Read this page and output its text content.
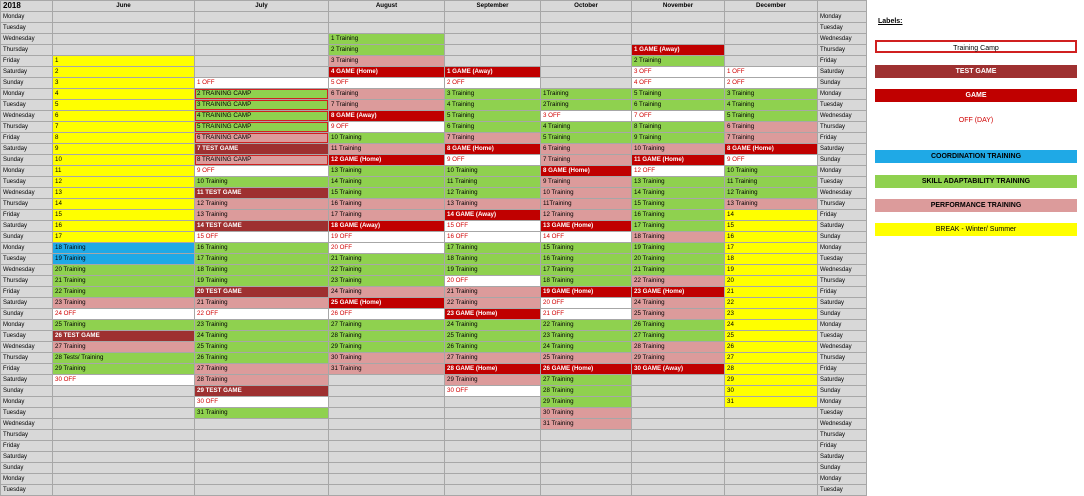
2018	June	July	August	September	October	November	December	
Monday								Monday
Tuesday								Tuesday
Wednesday			1 Training					Wednesday
Thursday			2 Training			1 GAME (Away)		Thursday
Friday	1		3 Training			2 Training		Friday
Saturday	2		4 GAME (Home)	1 GAME (Away)		3 OFF	1 OFF	Saturday
Sunday	3	1 OFF	5 OFF	2 OFF		4 OFF	2 OFF	Sunday
Monday	4	2 TRAINING CAMP	6 Training	3 Training	1Training	5 Training	3 Training	Monday
Tuesday	5	3 TRAINING CAMP	7 Training	4 Training	2Training	6 Training	4 Training	Tuesday
Wednesday	6	4 TRAINING CAMP	8 GAME (Away)	5 Training	3 OFF	7 OFF	5 Training	Wednesday
Thursday	7	5 TRAINING CAMP	9 OFF	6 Training	4 Training	8 Training	6 Training	Thursday
Friday	8	6 TRAINING CAMP	10 Training	7 Training	5 Training	9 Training	7 Training	Friday
Saturday	9	7 TEST GAME	11 Training	8 GAME (Home)	6 Training	10 Training	8 GAME (Home)	Saturday
Sunday	10	8 TRAINING CAMP	12 GAME (Home)	9 OFF	7 Training	11 GAME (Home)	9 OFF	Sunday
Monday	11	9 OFF	13 Training	10 Training	8 GAME (Home)	12 OFF	10 Training	Monday
Tuesday	12	10 Training	14 Training	11 Training	9 Training	13 Training	11 Training	Tuesday
Wednesday	13	11 TEST GAME	15 Training	12 Training	10 Training	14 Training	12 Training	Wednesday
Thursday	14	12 Training	16 Training	13 Training	11Training	15 Training	13 Training	Thursday
Friday	15	13 Training	17 Training	14 GAME (Away)	12 Training	16 Training	14	Friday
Saturday	16	14 TEST GAME	18 GAME (Away)	15 OFF	13 GAME (Home)	17 Training	15	Saturday
Sunday	17	15 OFF	19 OFF	16 OFF	14 OFF	18 Training	16	Sunday
Monday	18 Training	16 Training	20 OFF	17 Training	15 Training	19 Training	17	Monday
Tuesday	19 Training	17 Training	21 Training	18 Training	16 Training	20 Training	18	Tuesday
Wednesday	20 Training	18 Training	22 Training	19 Training	17 Training	21 Training	19	Wednesday
Thursday	21 Training	19 Training	23 Training	20 OFF	18 Training	22 Training	20	Thursday
Friday	22 Training	20 TEST GAME	24 Training	21 Training	19 GAME (Home)	23 GAME (Home)	21	Friday
Saturday	23 Training	21 Training	25 GAME (Home)	22 Training	20 OFF	24 Training	22	Saturday
Sunday	24 OFF	22 OFF	26 OFF	23 GAME (Home)	21 OFF	25 Training	23	Sunday
Monday	25 Training	23 Training	27 Training	24 Training	22 Training	26 Training	24	Monday
Tuesday	26 TEST GAME	24 Training	28 Training	25 Training	23 Training	27 Training	25	Tuesday
Wednesday	27 Training	25 Training	29 Training	26 Training	24 Training	28 Training	26	Wednesday
Thursday	28 Tests/ Training	26 Training	30 Training	27 Training	25 Training	29 Training	27	Thursday
Friday	29 Training	27 Training	31 Training	28 GAME (Home)	26 GAME (Home)	30 GAME (Away)	28	Friday
Saturday	30 OFF	28 Training		29 Training	27 Training		29	Saturday
Sunday		29 TEST GAME		30 OFF	28 Training		30	Sunday
Monday		30 OFF			29 Training		31	Monday
Tuesday		31 Training			30 Training			Tuesday
Wednesday					31 Training			Wednesday
Thursday								Thursday
Friday								Friday
Saturday								Saturday
Sunday								Sunday
Monday								Monday
Tuesday								Tuesday
Labels:
Training Camp
TEST GAME
GAME
OFF (DAY)
COORDINATION TRAINING
SKILL ADAPTABILITY TRAINING
PERFORMANCE TRAINING
BREAK - Winter/ Summer
